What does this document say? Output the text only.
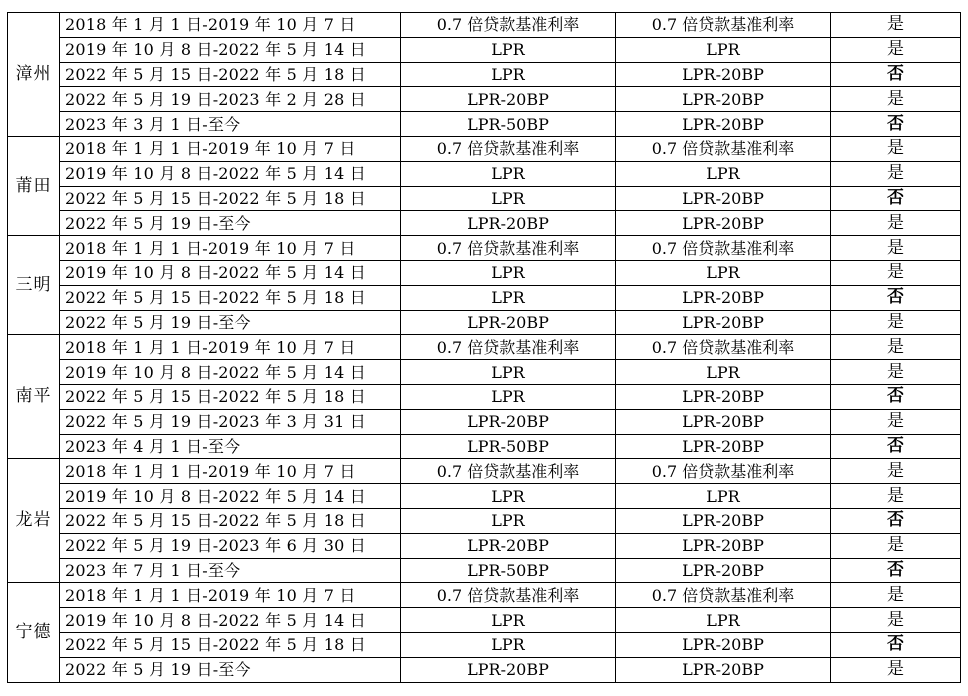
漳州	2018 年 1 月 1 日-2019 年 10 月 7 日	0.7 倍贷款基准利率	0.7 倍贷款基准利率	是
	2019 年 10 月 8 日-2022 年 5 月 14 日	LPR	LPR	是
	2022 年 5 月 15 日-2022 年 5 月 18 日	LPR	LPR-20BP	否
	2022 年 5 月 19 日-2023 年 2 月 28 日	LPR-20BP	LPR-20BP	是
	2023 年 3 月 1 日-至今	LPR-50BP	LPR-20BP	否
莆田	2018 年 1 月 1 日-2019 年 10 月 7 日	0.7 倍贷款基准利率	0.7 倍贷款基准利率	是
	2019 年 10 月 8 日-2022 年 5 月 14 日	LPR	LPR	是
	2022 年 5 月 15 日-2022 年 5 月 18 日	LPR	LPR-20BP	否
	2022 年 5 月 19 日-至今	LPR-20BP	LPR-20BP	是
三明	2018 年 1 月 1 日-2019 年 10 月 7 日	0.7 倍贷款基准利率	0.7 倍贷款基准利率	是
	2019 年 10 月 8 日-2022 年 5 月 14 日	LPR	LPR	是
	2022 年 5 月 15 日-2022 年 5 月 18 日	LPR	LPR-20BP	否
	2022 年 5 月 19 日-至今	LPR-20BP	LPR-20BP	是
南平	2018 年 1 月 1 日-2019 年 10 月 7 日	0.7 倍贷款基准利率	0.7 倍贷款基准利率	是
	2019 年 10 月 8 日-2022 年 5 月 14 日	LPR	LPR	是
	2022 年 5 月 15 日-2022 年 5 月 18 日	LPR	LPR-20BP	否
	2022 年 5 月 19 日-2023 年 3 月 31 日	LPR-20BP	LPR-20BP	是
	2023 年 4 月 1 日-至今	LPR-50BP	LPR-20BP	否
龙岩	2018 年 1 月 1 日-2019 年 10 月 7 日	0.7 倍贷款基准利率	0.7 倍贷款基准利率	是
	2019 年 10 月 8 日-2022 年 5 月 14 日	LPR	LPR	是
	2022 年 5 月 15 日-2022 年 5 月 18 日	LPR	LPR-20BP	否
	2022 年 5 月 19 日-2023 年 6 月 30 日	LPR-20BP	LPR-20BP	是
	2023 年 7 月 1 日-至今	LPR-50BP	LPR-20BP	否
宁德	2018 年 1 月 1 日-2019 年 10 月 7 日	0.7 倍贷款基准利率	0.7 倍贷款基准利率	是
	2019 年 10 月 8 日-2022 年 5 月 14 日	LPR	LPR	是
	2022 年 5 月 15 日-2022 年 5 月 18 日	LPR	LPR-20BP	否
	2022 年 5 月 19 日-至今	LPR-20BP	LPR-20BP	是
